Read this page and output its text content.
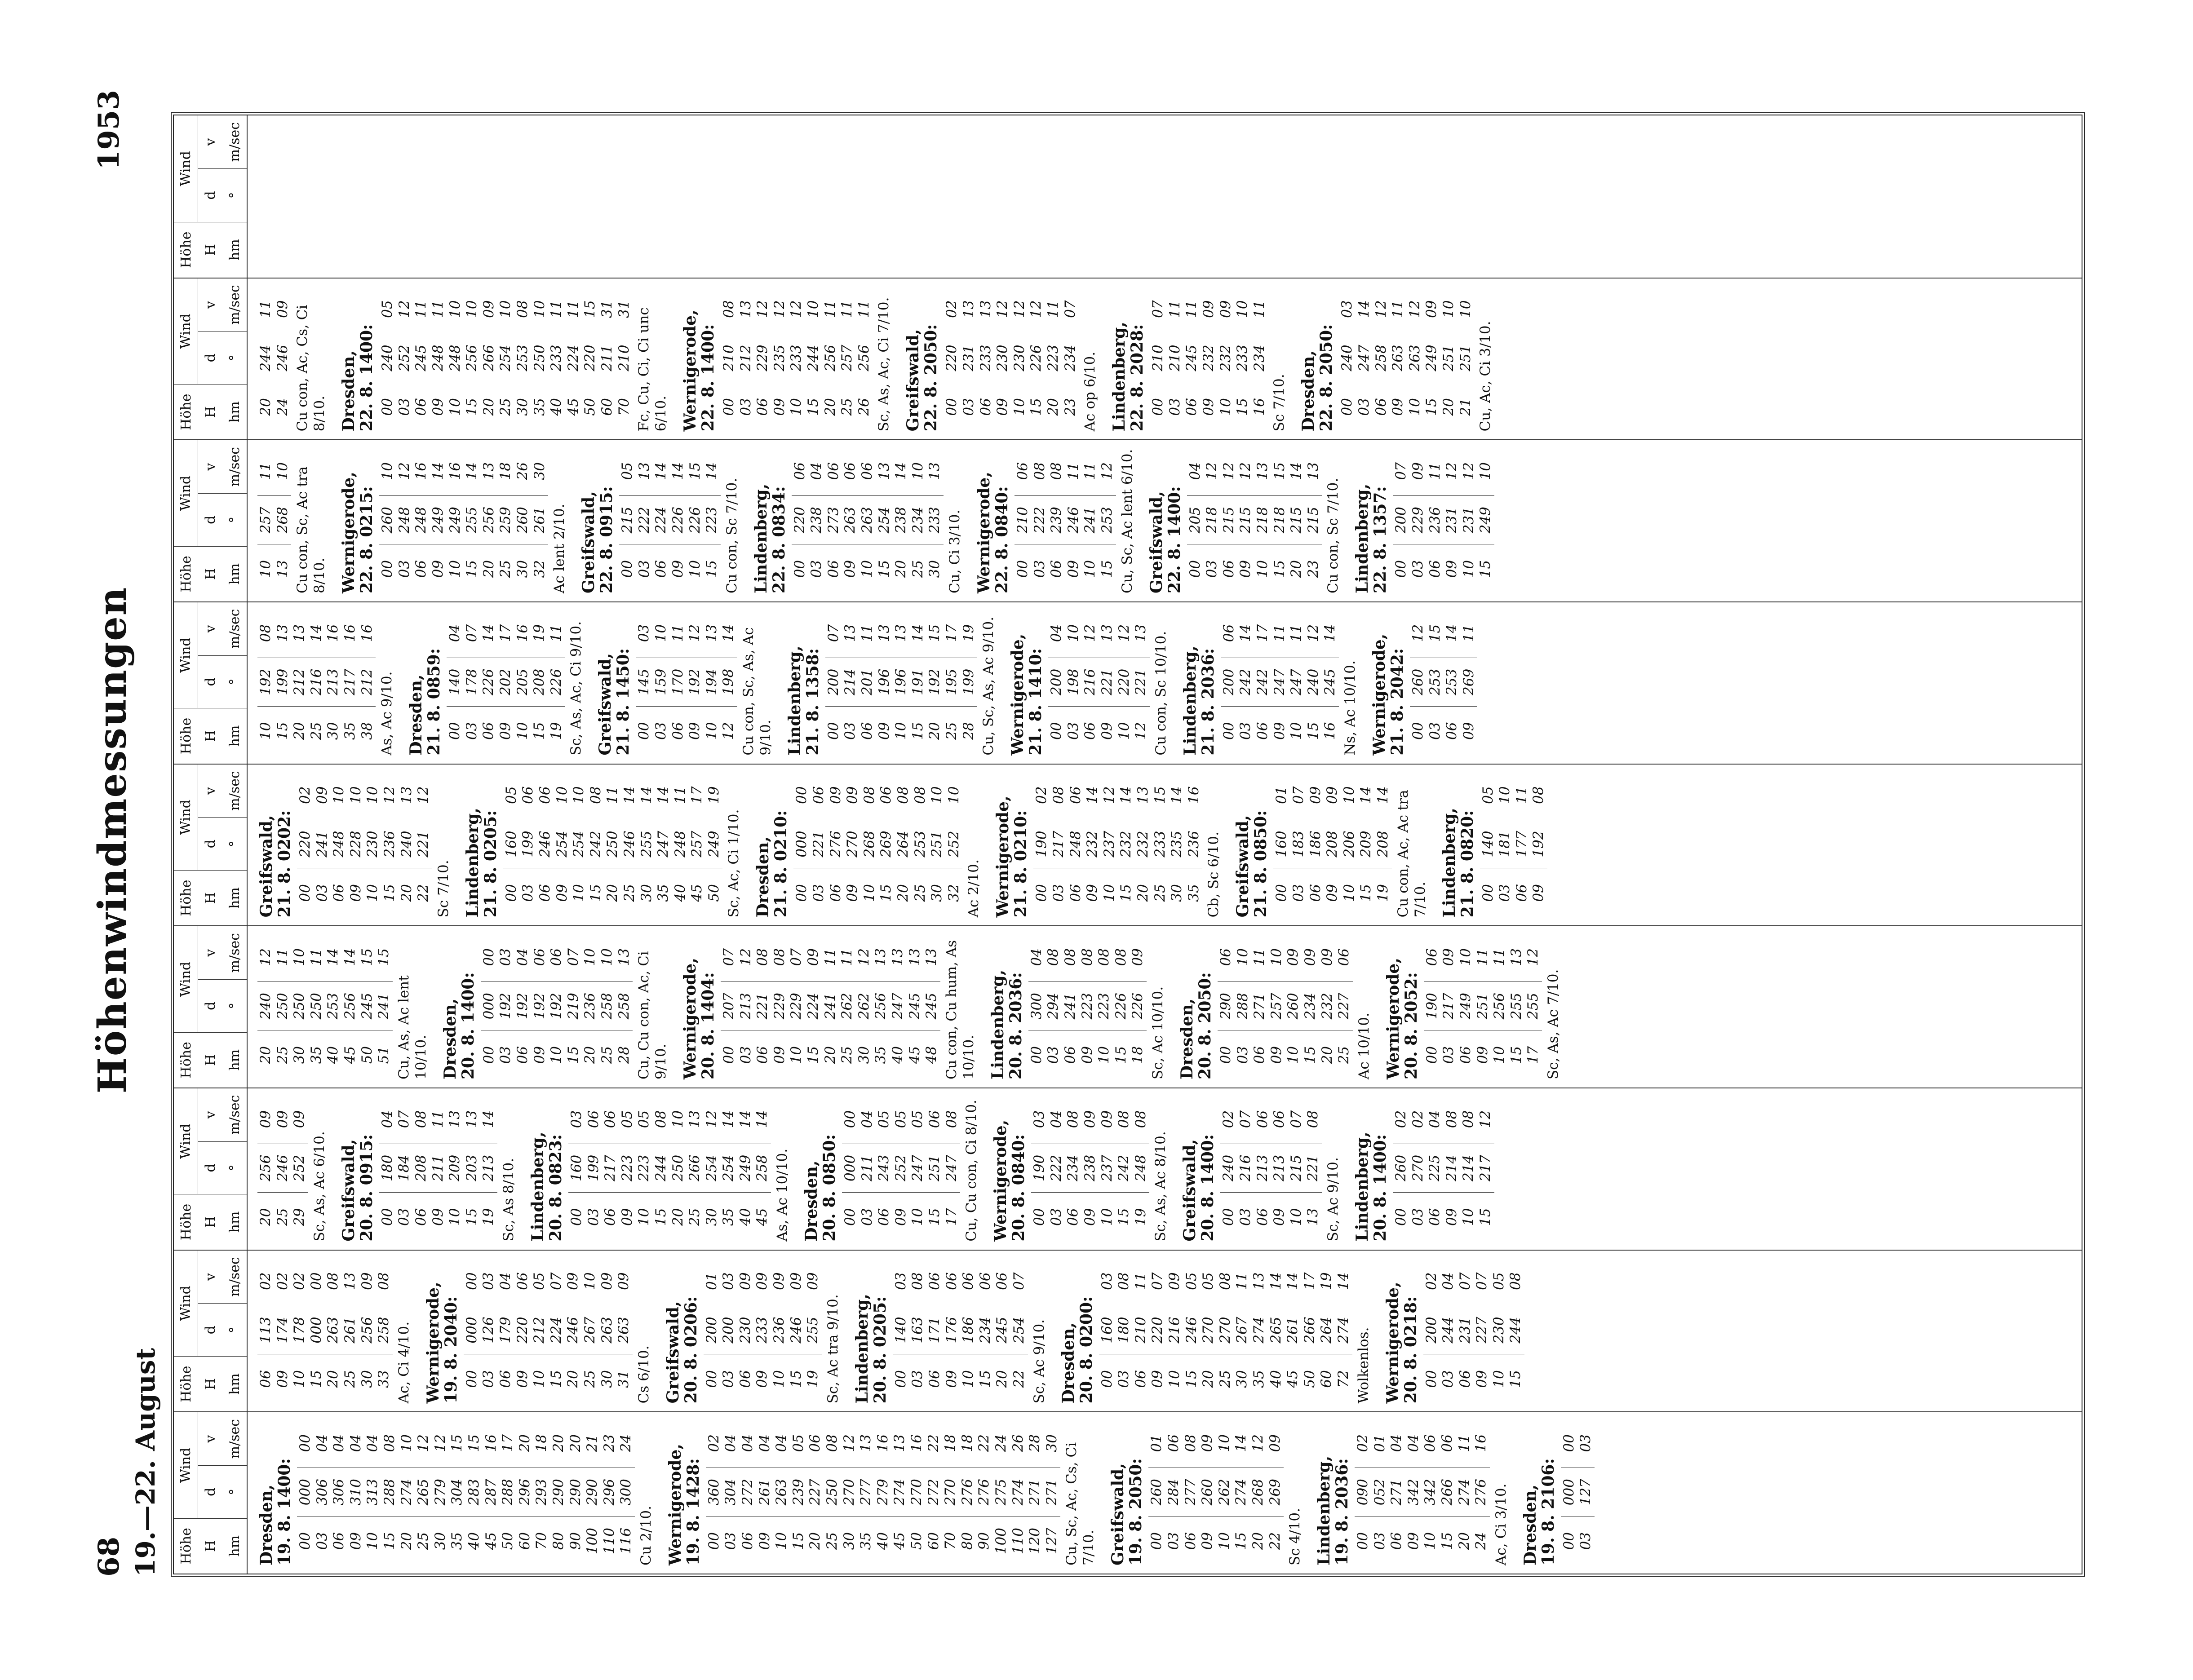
68
Höhenwindmessungen
1953
19.—22. August	Höhe
Wind
H
d
v
hm
°
m/sec
Dresden,
19. 8. 1400: 00
000
00
03
306
04
06
306
04
09
310
04
10
313
04
15
288
08
20
274
10
25
265
12
30
279
12
35
304
15
40
283
15
45
287
16
50
288
17
60
296
20
70
293
18
80
290
20
90
290
20
100
290
21
110
296
23
116
300
24
Cu 2/10. Wernigerode,
19. 8. 1428: 00
360
02
03
304
04
06
272
04
09
261
04
10
263
04
15
239
05
20
227
06
25
250
08
30
270
12
35
277
13
40
279
16
45
274
13
50
270
16
60
272
22
70
270
18
80
276
18
90
276
22
100
275
24
110
274
26
120
271
28
127
271
30 Cu, Sc, Ac, Cs, Ci 7/10. Greifswald,
19. 8. 2050: 00
260
01
03
284
06
06
277
08
09
260
09
10
262
10
15
274
14
20
268
12
22
269
09
Sc 4/10. Lindenberg,
19. 8. 2036: 00
090
02
03
052
01
06
271
04
09
342
04
10
342
06
15
266
06
20
274
11
24
276
16
Ac, Ci 3/10. Dresden,
19. 8. 2106: 00
000
00
03
127
03
Höhe
Wind
H
d
v
hm
°
m/sec
06
113
02
09
174
02
10
178
02
15
000
00
20
263
08
25
261
13
30
256
09
33
258
08
Ac, Ci 4/10. Wernigerode,
19. 8. 2040: 00
000
00
03
126
03
06
179
04
09
220
06
10
212
05
15
224
07
20
246
09
25
267
10
30
263
09
31
263
09
Cs 6/10. Greifswald,
20. 8. 0206: 00
200
01
03
200
03
06
230
09
09
233
09
10
236
09
15
246
09
19
255
09
Sc, Ac tra 9/10. Lindenberg,
20. 8. 0205: 00
140
03
03
163
08
06
171
06
09
176
06
10
186
06
15
234
06
20
245
06
22
254
07
Sc, Ac 9/10. Dresden,
20. 8. 0200: 00
160
03
03
180
08
06
210
11
09
220
07
10
216
09
15
246
05
20
270
05
25
270
08
30
267
11
35
274
13
40
265
14
45
261
14
50
266
17
60
264
19
72
274
14
Wolkenlos. Wernigerode,
20. 8. 0218: 00
200
02
03
244
04
06
231
07
09
227
07
10
230
05
15
244
08
Höhe
Wind
H
d
v
hm
°
m/sec
20
256
09
25
246
09
29
252
09
Sc, As, Ac 6/10. Greifswald,
20. 8. 0915: 00
180
04
03
184
07
06
208
08
09
211
11
10
209
13
15
203
13
19
213
14
Sc, As 8/10. Lindenberg,
20. 8. 0823: 00
160
03
03
199
06
06
217
06
09
223
05
10
223
05
15
244
08
20
250
10
25
266
13
30
254
12
35
254
14
40
249
14
45
258
14
As, Ac 10/10. Dresden,
20. 8. 0850: 00
000
00
03
211
04
06
243
05
09
252
05
10
247
05
15
251
06
17
247
08 Cu, Cu con, Ci 8/10. Wernigerode,
20. 8. 0840: 00
190
03
03
222
04
06
234
08
09
238
09
10
237
09
15
242
08
19
248
08
Sc, As, Ac 8/10. Greifswald,
20. 8. 1400: 00
240
02
03
216
07
06
213
06
09
213
06
10
215
07
13
221
08
Sc, Ac 9/10. Lindenberg,
20. 8. 1400: 00
260
02
03
270
02
06
225
04
09
214
08
10
214
08
15
217
12
Höhe
Wind
H
d
v
hm
°
m/sec
20
240
12
25
250
11
30
250
10
35
250
11
40
253
14
45
256
14
50
245
15
51
241
15
Cu, As, Ac lent 10/10. Dresden,
20. 8. 1400: 00
000
00
03
192
03
06
192
04
09
192
06
10
192
06
15
219
07
20
236
10
25
258
10
28
258
13 Cu, Cu con, Ac, Ci 9/10. Wernigerode,
20. 8. 1404: 00
207
07
03
213
12
06
221
08
09
229
08
10
229
07
15
224
09
20
241
11
25
262
11
30
262
12
35
256
13
40
247
13
45
245
13
48
245
13 Cu con, Cu hum, As 10/10. Lindenberg,
20. 8. 2036: 00
300
04
03
294
08
06
241
08
09
223
08
10
223
08
15
226
08
18
226
09
Sc, Ac 10/10. Dresden,
20. 8. 2050: 00
290
06
03
288
10
06
271
11
09
257
10
10
260
09
15
234
09
20
232
09
25
227
06
Ac 10/10. Wernigerode,
20. 8. 2052: 00
190
06
03
217
09
06
249
10
09
251
11
10
256
11
15
255
13
17
255
12
Sc, As, Ac 7/10.
Höhe
Wind
H
d
v
hm
°
m/sec
Greifswald,
21. 8. 0202: 00
220
02
03
241
09
06
248
10
09
228
10
10
230
10
15
236
12
20
240
13
22
221
12
Sc 7/10. Lindenberg,
21. 8. 0205: 00
160
05
03
199
06
06
246
06
09
254
10
10
254
10
15
242
08
20
250
11
25
246
14
30
255
14
35
247
14
40
248
11
45
257
17
50
249
19
Sc, Ac, Ci 1/10. Dresden,
21. 8. 0210: 00
000
00
03
221
06
06
276
09
09
270
09
10
268
08
15
269
06
20
264
08
25
253
08
30
251
10
32
252
10
Ac 2/10. Wernigerode,
21. 8. 0210: 00
190
02
03
217
08
06
248
06
09
232
14
10
237
12
15
232
14
20
232
13
25
233
15
30
235
14
35
236
16
Cb, Sc 6/10. Greifswald,
21. 8. 0850: 00
160
01
03
183
07
06
186
09
09
208
09
10
206
10
15
209
14
19
208
14 Cu con, Ac, Ac tra 7/10. Lindenberg,
21. 8. 0820: 00
140
05
03
181
10
06
177
11
09
192
08
Höhe
Wind
H
d
v
hm
°
m/sec
10
192
08
15
199
13
20
212
13
25
216
14
30
213
16
35
217
16
38
212
16
As, Ac 9/10. Dresden,
21. 8. 0859: 00
140
04
03
178
07
06
226
14
09
202
17
10
205
16
15
208
19
19
226
11 Sc, As, Ac, Ci 9/10. Greifswald,
21. 8. 1450: 00
145
03
03
159
10
06
170
11
09
192
12
10
194
13
12
198
14 Cu con, Sc, As, Ac 9/10. Lindenberg,
21. 8. 1358: 00
200
07
03
214
13
06
201
11
09
196
13
10
196
13
15
191
14
20
192
15
25
195
17
28
199
19 Cu, Sc, As, Ac 9/10. Wernigerode,
21. 8. 1410: 00
200
04
03
198
10
06
216
12
09
221
13
10
220
12
12
221
13 Cu con, Sc 10/10. Lindenberg,
21. 8. 2036: 00
200
06
03
242
14
06
242
17
09
247
11
10
247
11
15
240
12
16
245
14
Ns, Ac 10/10. Wernigerode,
21. 8. 2042: 00
260
12
03
253
15
06
253
14
09
269
11
Höhe
Wind
H
d
v
hm
°
m/sec
10
257
11
13
268
10 Cu con, Sc, Ac tra 8/10. Wernigerode,
22. 8. 0215: 00
260
10
03
248
12
06
248
16
09
249
14
10
249
16
15
255
14
20
256
13
25
259
18
30
260
26
32
261
30
Ac lent 2/10. Greifswald,
22. 8. 0915: 00
215
05
03
222
13
06
224
14
09
226
14
10
226
15
15
223
14
Cu con, Sc 7/10. Lindenberg,
22. 8. 0834: 00
220
06
03
238
04
06
273
06
09
263
06
10
263
06
15
254
13
20
238
14
25
234
10
30
233
13
Cu, Ci 3/10. Wernigerode,
22. 8. 0840: 00
210
06
03
222
08
06
239
08
09
246
11
10
241
11
15
253
12 Cu, Sc, Ac lent 6/10. Greifswald,
22. 8. 1400: 00
205
04
03
218
12
06
215
12
09
215
12
10
218
13
15
218
15
20
215
14
23
215
13
Cu con, Sc 7/10. Lindenberg,
22. 8. 1357: 00
200
07
03
229
09
06
236
11
09
231
12
10
231
12
15
249
10
Höhe
Wind
H
d
v
hm
°
m/sec
20
244
11
24
246
09 Cu con, Ac, Cs, Ci 8/10. Dresden,
22. 8. 1400: 00
240
05
03
252
12
06
245
11
09
248
11
10
248
10
15
256
10
20
266
09
25
254
10
30
253
08
35
250
10
40
233
11
45
224
11
50
220
15
60
211
31
70
210
31 Fc, Cu, Ci, Ci unc 6/10. Wernigerode,
22. 8. 1400: 00
210
08
03
212
13
06
229
12
09
235
12
10
233
12
15
244
10
20
256
11
25
257
11
26
256
11 Sc, As, Ac, Ci 7/10. Greifswald,
22. 8. 2050: 00
220
02
03
231
13
06
233
13
09
230
12
10
230
12
15
226
12
20
223
11
23
234
07
Ac op 6/10. Lindenberg,
22. 8. 2028: 00
210
07
03
210
11
06
245
11
09
232
09
10
232
09
15
233
10
16
234
11
Sc 7/10. Dresden,
22. 8. 2050: 00
240
03
03
247
14
06
258
12
09
263
11
10
263
12
15
249
09
20
251
10
21
251
10
Cu, Ac, Ci 3/10.
Höhe
Wind
H
d
v
hm
°
m/sec
